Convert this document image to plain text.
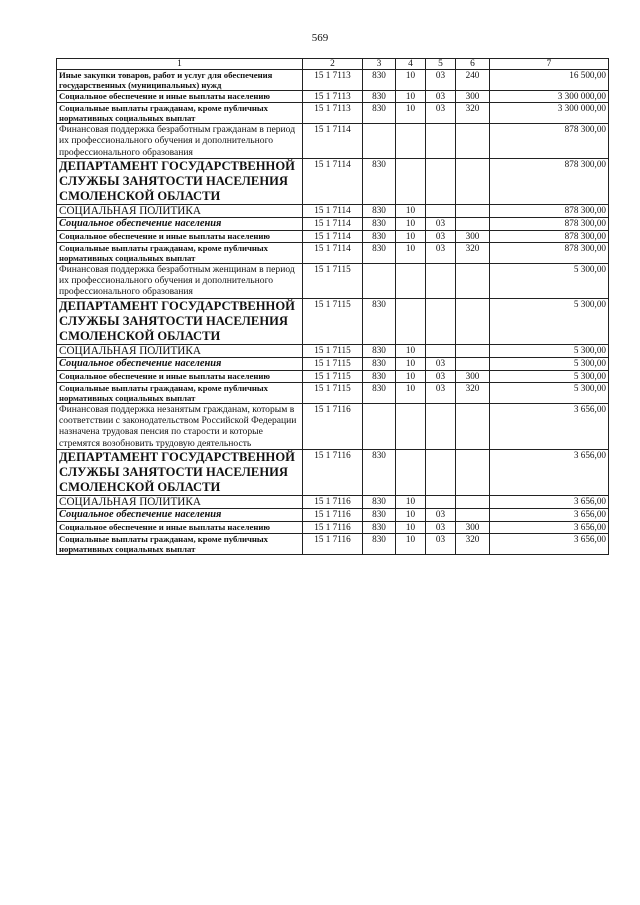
569
1	2	3	4	5	6	7
Иные закупки товаров, работ и услуг для обеспечения государственных (муниципальных) нужд	15 1 7113	830	10	03	240	16 500,00
Социальное обеспечение и иные выплаты населению	15 1 7113	830	10	03	300	3 300 000,00
Социальные выплаты гражданам, кроме публичных нормативных социальных выплат	15 1 7113	830	10	03	320	3 300 000,00
Финансовая поддержка безработным гражданам в период их профессионального обучения и дополнительного профессионального образования	15 1 7114					878 300,00
ДЕПАРТАМЕНТ ГОСУДАРСТВЕННОЙ СЛУЖБЫ ЗАНЯТОСТИ НАСЕЛЕНИЯ СМОЛЕНСКОЙ ОБЛАСТИ	15 1 7114	830				878 300,00
СОЦИАЛЬНАЯ ПОЛИТИКА	15 1 7114	830	10			878 300,00
Социальное обеспечение населения	15 1 7114	830	10	03		878 300,00
Социальное обеспечение и иные выплаты населению	15 1 7114	830	10	03	300	878 300,00
Социальные выплаты гражданам, кроме публичных нормативных социальных выплат	15 1 7114	830	10	03	320	878 300,00
Финансовая поддержка безработным женщинам в период их профессионального обучения и дополнительного профессионального образования	15 1 7115					5 300,00
ДЕПАРТАМЕНТ ГОСУДАРСТВЕННОЙ СЛУЖБЫ ЗАНЯТОСТИ НАСЕЛЕНИЯ СМОЛЕНСКОЙ ОБЛАСТИ	15 1 7115	830				5 300,00
СОЦИАЛЬНАЯ ПОЛИТИКА	15 1 7115	830	10			5 300,00
Социальное обеспечение населения	15 1 7115	830	10	03		5 300,00
Социальное обеспечение и иные выплаты населению	15 1 7115	830	10	03	300	5 300,00
Социальные выплаты гражданам, кроме публичных нормативных социальных выплат	15 1 7115	830	10	03	320	5 300,00
Финансовая поддержка незанятым гражданам, которым в соответствии с законодательством Российской Федерации назначена трудовая пенсия по старости и которые стремятся возобновить трудовую деятельность	15 1 7116					3 656,00
ДЕПАРТАМЕНТ ГОСУДАРСТВЕННОЙ СЛУЖБЫ ЗАНЯТОСТИ НАСЕЛЕНИЯ СМОЛЕНСКОЙ ОБЛАСТИ	15 1 7116	830				3 656,00
СОЦИАЛЬНАЯ ПОЛИТИКА	15 1 7116	830	10			3 656,00
Социальное обеспечение населения	15 1 7116	830	10	03		3 656,00
Социальное обеспечение и иные выплаты населению	15 1 7116	830	10	03	300	3 656,00
Социальные выплаты гражданам, кроме публичных нормативных социальных выплат	15 1 7116	830	10	03	320	3 656,00
